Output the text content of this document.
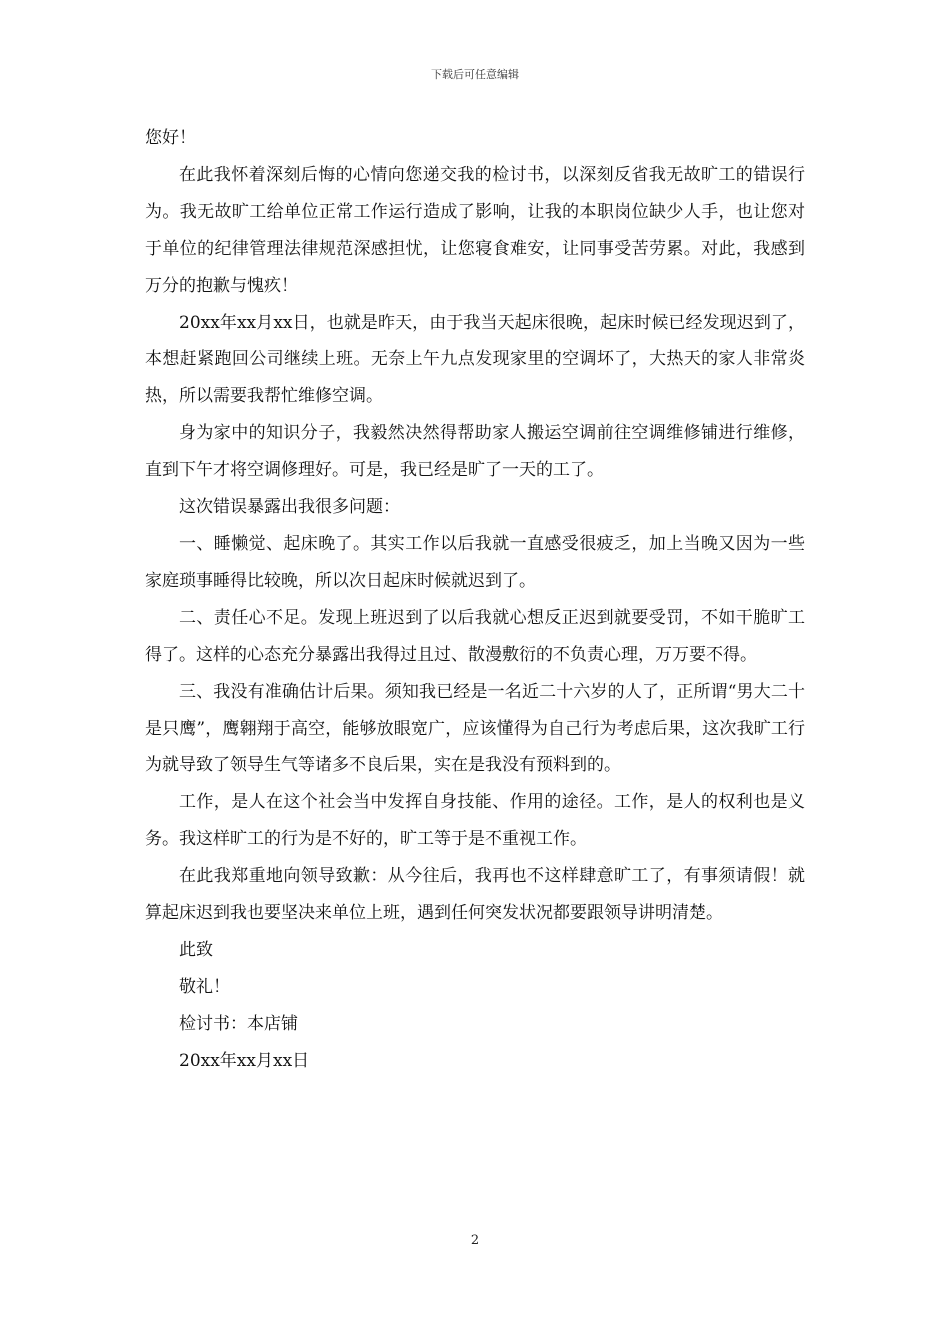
下载后可任意编辑

您好！

在此我怀着深刻后悔的心情向您递交我的检讨书，以深刻反省我无故旷工的错误行为。我无故旷工给单位正常工作运行造成了影响，让我的本职岗位缺少人手，也让您对于单位的纪律管理法律规范深感担忧，让您寝食难安，让同事受苦劳累。对此，我感到万分的抱歉与愧疚！

20xx年xx月xx日，也就是昨天，由于我当天起床很晚，起床时候已经发现迟到了，本想赶紧跑回公司继续上班。无奈上午九点发现家里的空调坏了，大热天的家人非常炎热，所以需要我帮忙维修空调。

身为家中的知识分子，我毅然决然得帮助家人搬运空调前往空调维修铺进行维修，直到下午才将空调修理好。可是，我已经是旷了一天的工了。

这次错误暴露出我很多问题：

一、睡懒觉、起床晚了。其实工作以后我就一直感受很疲乏，加上当晚又因为一些家庭琐事睡得比较晚，所以次日起床时候就迟到了。

二、责任心不足。发现上班迟到了以后我就心想反正迟到就要受罚，不如干脆旷工得了。这样的心态充分暴露出我得过且过、散漫敷衍的不负责心理，万万要不得。

三、我没有准确估计后果。须知我已经是一名近二十六岁的人了，正所谓“男大二十是只鹰”，鹰翱翔于高空，能够放眼宽广，应该懂得为自己行为考虑后果，这次我旷工行为就导致了领导生气等诸多不良后果，实在是我没有预料到的。

工作，是人在这个社会当中发挥自身技能、作用的途径。工作，是人的权利也是义务。我这样旷工的行为是不好的，旷工等于是不重视工作。

在此我郑重地向领导致歉：从今往后，我再也不这样肆意旷工了，有事须请假！就算起床迟到我也要坚决来单位上班，遇到任何突发状况都要跟领导讲明清楚。

此致

敬礼！

检讨书：本店铺

20xx年xx月xx日

2
